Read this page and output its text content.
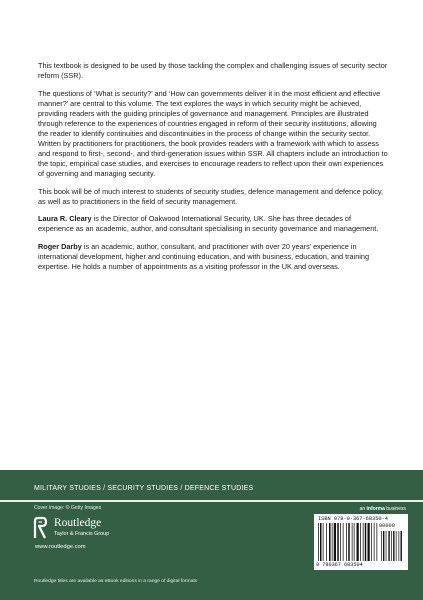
This textbook is designed to be used by those tackling the complex and challenging issues of security sector reform (SSR).

The questions of ‘What is security?’ and ‘How can governments deliver it in the most efficient and effective manner?’ are central to this volume. The text explores the ways in which security might be achieved, providing readers with the guiding principles of governance and management. Principles are illustrated through reference to the experiences of countries engaged in reform of their security institutions, allowing the reader to identify continuities and discontinuities in the process of change within the security sector. Written by practitioners for practitioners, the book provides readers with a framework with which to assess and respond to first-, second-, and third-generation issues within SSR. All chapters include an introduction to the topic, empirical case studies, and exercises to encourage readers to reflect upon their own experiences of governing and managing security.

This book will be of much interest to students of security studies, defence management and defence policy, as well as to practitioners in the field of security management.

Laura R. Cleary is the Director of Oakwood International Security, UK. She has three decades of experience as an academic, author, and consultant specialising in security governance and management.

Roger Darby is an academic, author, consultant, and practitioner with over 20 years’ experience in international development, higher and continuing education, and with business, education, and training expertise. He holds a number of appointments as a visiting professor in the UK and overseas.

MILITARY STUDIES / SECURITY STUDIES / DEFENCE STUDIES
Cover image: © Getty Images
Routledge
Taylor & Francis Group
www.routledge.com
an informa business
ISBN 978-0-367-68350-4
90000
9 780367 683504
Routledge titles are available as eBook editions in a range of digital formats
